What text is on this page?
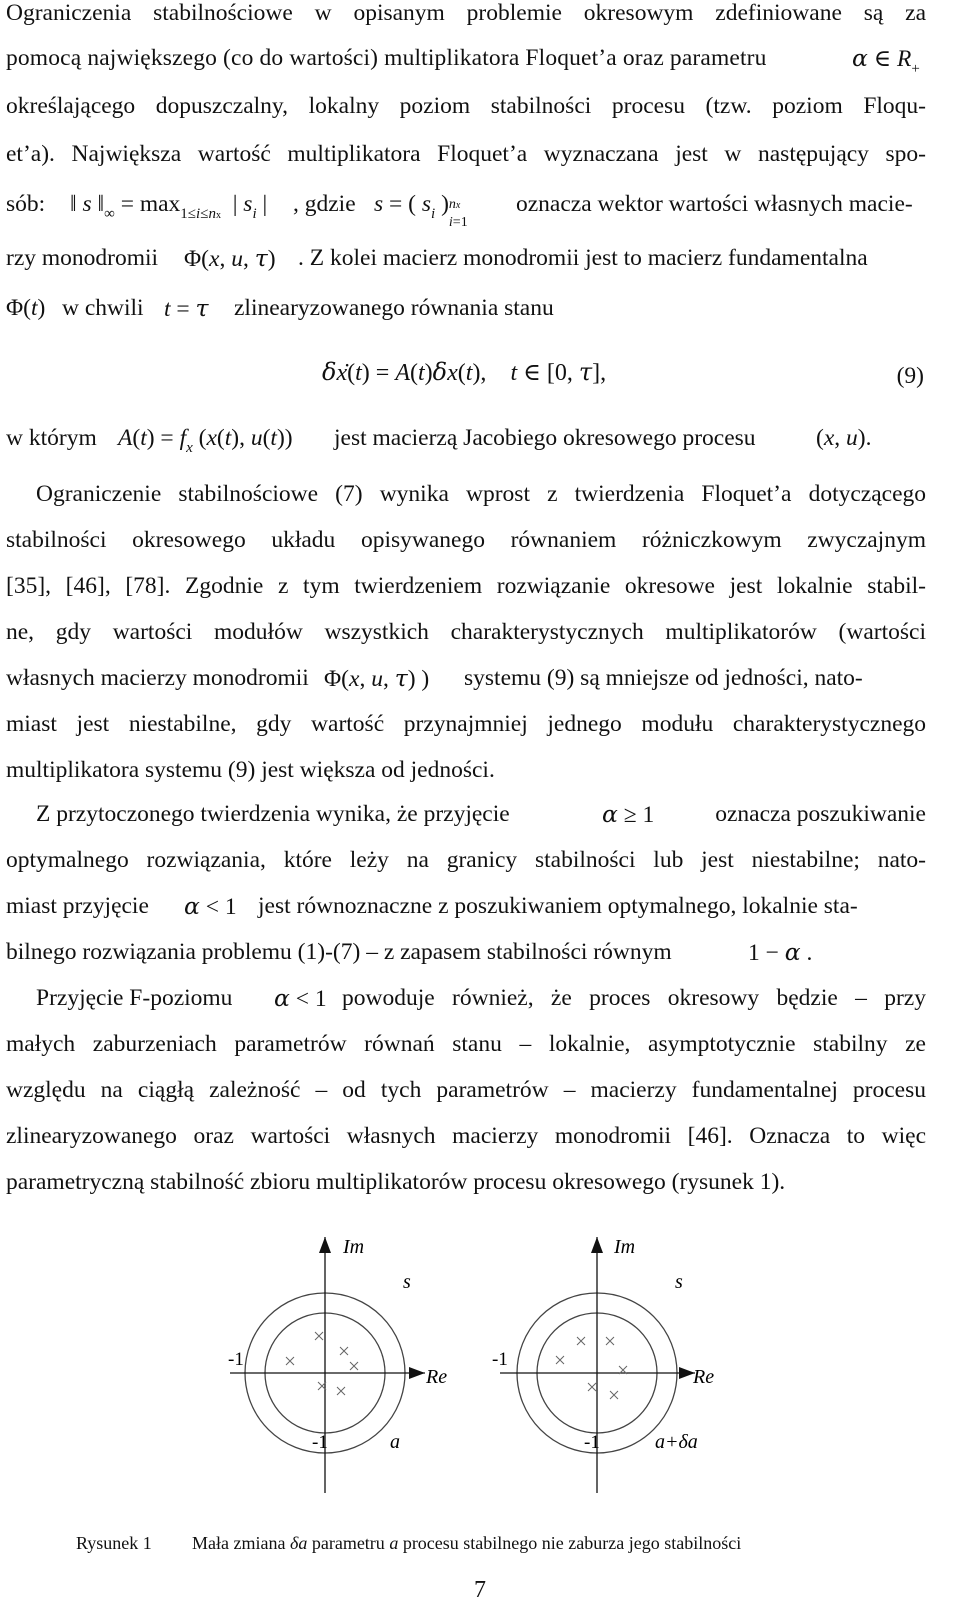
Ograniczenia stabilnościowe w opisanym problemie okresowym zdefiniowane są za
pomocą największego (co do wartości) multiplikatora Floquet’a oraz parametru	α ∈ $R_+$
określającego dopuszczalny, lokalny poziom stabilności procesu (tzw. poziom Floqu-
et’a). Największa wartość multiplikatora Floquet’a wyznaczana jest w następujący spo-
sób: ‖ s $‖_\infty = \max_{1\le i\le nx}$  | $s_i$ | , gdzie s = ( $s_i$ ) nx
i=1
oznacza wektor wartości własnych macie-
rzy monodromii Φ(x, u, τ) . Z kolei macierz monodromii jest to macierz fundamentalna
Φ(t) w chwili t = τ zlinearyzowanego równania stanu
δẋ(t) = A(t)δx(t),    t ∈ [0, τ],	(9)
w którym $A(t) = f_x$ (x(t), u(t)) jest macierzą Jacobiego okresowego procesu	(x, u).
Ograniczenie stabilnościowe (7) wynika wprost z twierdzenia Floquet’a dotyczącego
stabilności okresowego układu opisywanego równaniem różniczkowym zwyczajnym
[35], [46], [78]. Zgodnie z tym twierdzeniem rozwiązanie okresowe jest lokalnie stabil-
ne, gdy wartości modułów wszystkich charakterystycznych multiplikatorów (wartości
własnych macierzy monodromii Φ(x, u, τ) ) systemu (9) są mniejsze od jedności, nato-
miast jest niestabilne, gdy wartość przynajmniej jednego modułu charakterystycznego
multiplikatora systemu (9) jest większa od jedności.
Z przytoczonego twierdzenia wynika, że przyjęcie	α ≥ 1	oznacza poszukiwanie
optymalnego rozwiązania, które leży na granicy stabilności lub jest niestabilne; nato-
miast przyjęcie α < 1 jest równoznaczne z poszukiwaniem optymalnego, lokalnie sta-
bilnego rozwiązania problemu (1)-(7) – z zapasem stabilności równym	1 − α .
Przyjęcie F-poziomu α < 1 powoduje również, że proces okresowy będzie – przy
małych zaburzeniach parametrów równań stanu – lokalnie, asymptotycznie stabilny ze
względu na ciągłą zależność – od tych parametrów – macierzy fundamentalnej procesu
zlinearyzowanego oraz wartości własnych macierzy monodromii [46]. Oznacza to więc
parametryczną stabilność zbioru multiplikatorów procesu okresowego (rysunek 1).
Im
s
-1
Re
-1	a
Im
s
-1
Re
-1	a+δa
Rysunek 1 Mała zmiana δa parametru a procesu stabilnego nie zaburza jego stabilności
7
